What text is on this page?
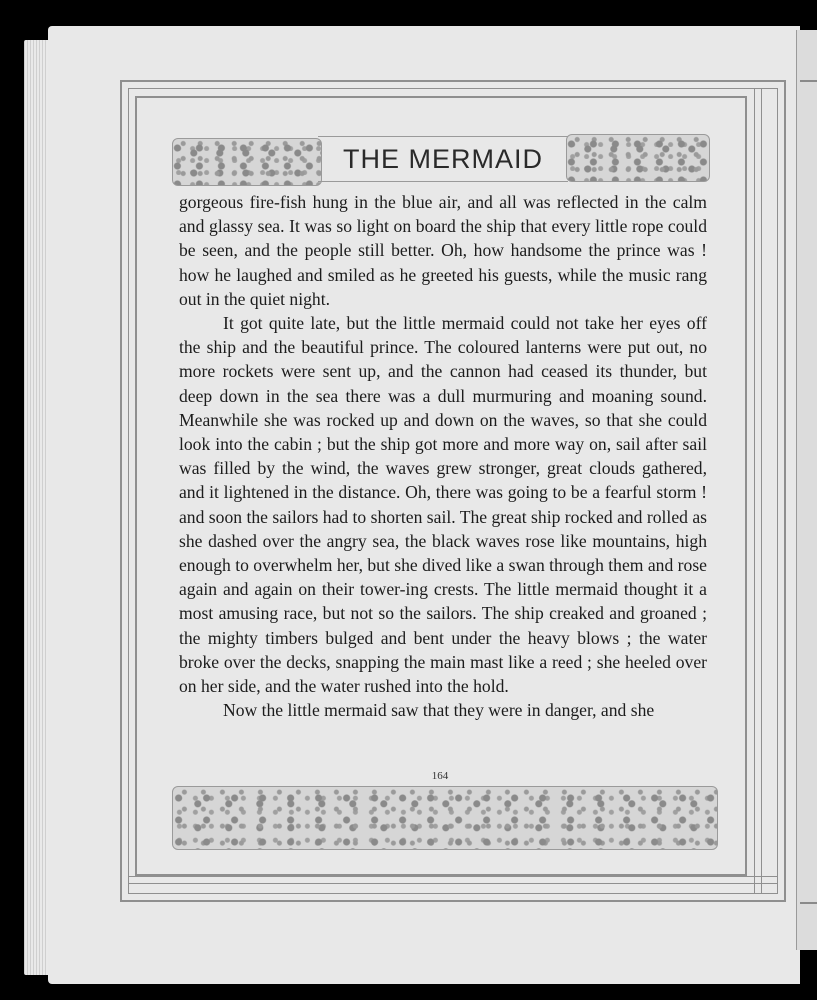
THE MERMAID

gorgeous fire-fish hung in the blue air, and all was reflected in the calm and glassy sea. It was so light on board the ship that every little rope could be seen, and the people still better. Oh, how handsome the prince was ! how he laughed and smiled as he greeted his guests, while the music rang out in the quiet night.

It got quite late, but the little mermaid could not take her eyes off the ship and the beautiful prince. The coloured lanterns were put out, no more rockets were sent up, and the cannon had ceased its thunder, but deep down in the sea there was a dull murmuring and moaning sound. Meanwhile she was rocked up and down on the waves, so that she could look into the cabin ; but the ship got more and more way on, sail after sail was filled by the wind, the waves grew stronger, great clouds gathered, and it lightened in the distance. Oh, there was going to be a fearful storm ! and soon the sailors had to shorten sail. The great ship rocked and rolled as she dashed over the angry sea, the black waves rose like mountains, high enough to overwhelm her, but she dived like a swan through them and rose again and again on their tower-ing crests. The little mermaid thought it a most amusing race, but not so the sailors. The ship creaked and groaned ; the mighty timbers bulged and bent under the heavy blows ; the water broke over the decks, snapping the main mast like a reed ; she heeled over on her side, and the water rushed into the hold.

Now the little mermaid saw that they were in danger, and she

164
